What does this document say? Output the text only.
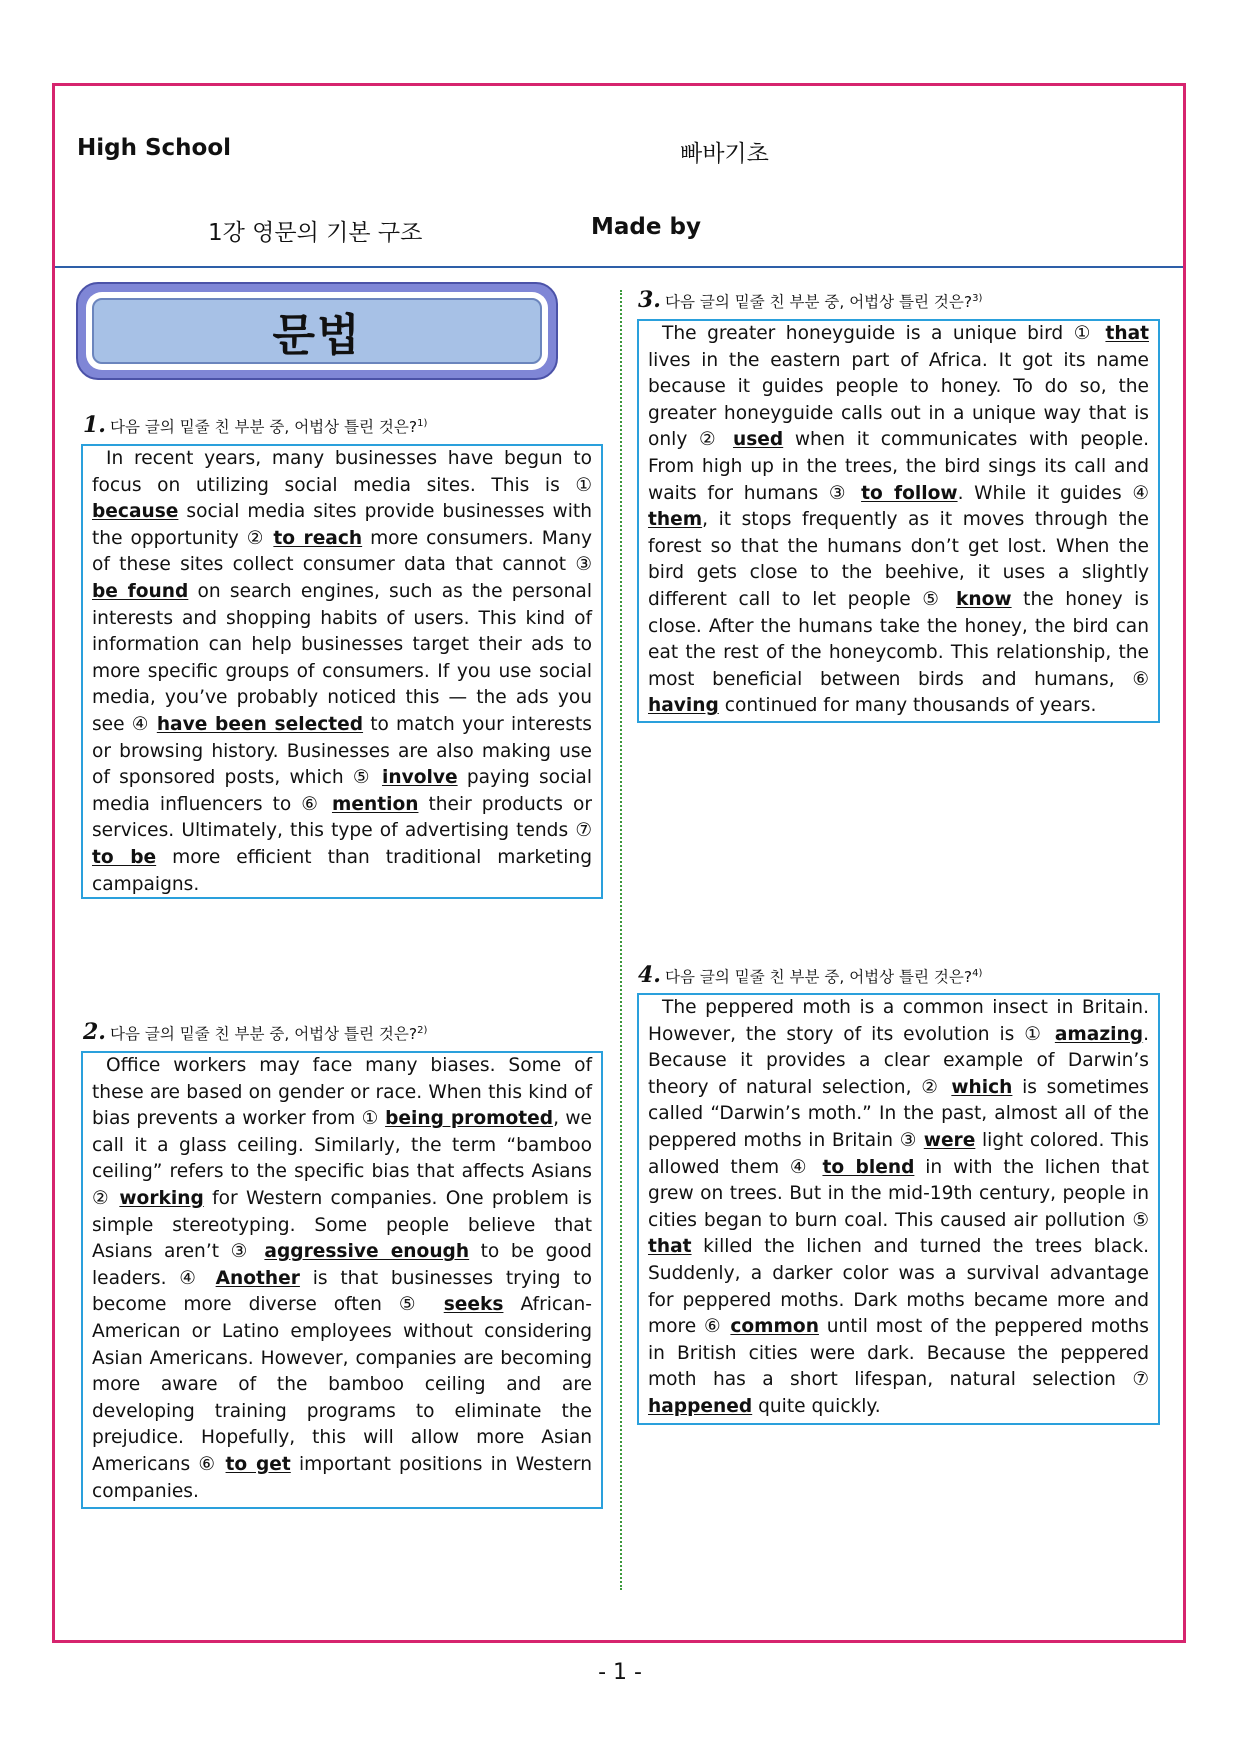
High School	빠바기초
1강 영문의 기본 구조	Made by
문법
1. 다음 글의 밑줄 친 부분 중, 어법상 틀린 것은?$^{1)}$

In recent years, many businesses have begun to focus on utilizing social media sites. This is ① because social media sites provide businesses with the opportunity ② to reach more consumers. Many of these sites collect consumer data that cannot ③ be found on search engines, such as the personal interests and shopping habits of users. This kind of information can help businesses target their ads to more specific groups of consumers. If you use social media, you’ve probably noticed this — the ads you see ④ have been selected to match your interests or browsing history. Businesses are also making use of sponsored posts, which ⑤ involve paying social media influencers to ⑥ mention their products or services. Ultimately, this type of advertising tends ⑦ to be more efficient than traditional marketing campaigns.

2. 다음 글의 밑줄 친 부분 중, 어법상 틀린 것은?$^{2)}$

Office workers may face many biases. Some of these are based on gender or race. When this kind of bias prevents a worker from ① being promoted, we call it a glass ceiling. Similarly, the term “bamboo ceiling” refers to the specific bias that affects Asians ② working for Western companies. One problem is simple stereotyping. Some people believe that Asians aren’t ③ aggressive enough to be good leaders. ④ Another is that businesses trying to become more diverse often ⑤ seeks African-American or Latino employees without considering Asian Americans. However, companies are becoming more aware of the bamboo ceiling and are developing training programs to eliminate the prejudice. Hopefully, this will allow more Asian Americans ⑥ to get important positions in Western companies.

3. 다음 글의 밑줄 친 부분 중, 어법상 틀린 것은?$^{3)}$

The greater honeyguide is a unique bird ① that lives in the eastern part of Africa. It got its name because it guides people to honey. To do so, the greater honeyguide calls out in a unique way that is only ② used when it communicates with people. From high up in the trees, the bird sings its call and waits for humans ③ to follow. While it guides ④ them, it stops frequently as it moves through the forest so that the humans don’t get lost. When the bird gets close to the beehive, it uses a slightly different call to let people ⑤ know the honey is close. After the humans take the honey, the bird can eat the rest of the honeycomb. This relationship, the most beneficial between birds and humans, ⑥ having continued for many thousands of years.

4. 다음 글의 밑줄 친 부분 중, 어법상 틀린 것은?$^{4)}$

The peppered moth is a common insect in Britain. However, the story of its evolution is ① amazing. Because it provides a clear example of Darwin’s theory of natural selection, ② which is sometimes called “Darwin’s moth.” In the past, almost all of the peppered moths in Britain ③ were light colored. This allowed them ④ to blend in with the lichen that grew on trees. But in the mid-19th century, people in cities began to burn coal. This caused air pollution ⑤ that killed the lichen and turned the trees black. Suddenly, a darker color was a survival advantage for peppered moths. Dark moths became more and more ⑥ common until most of the peppered moths in British cities were dark. Because the peppered moth has a short lifespan, natural selection ⑦ happened quite quickly.

- 1 -
